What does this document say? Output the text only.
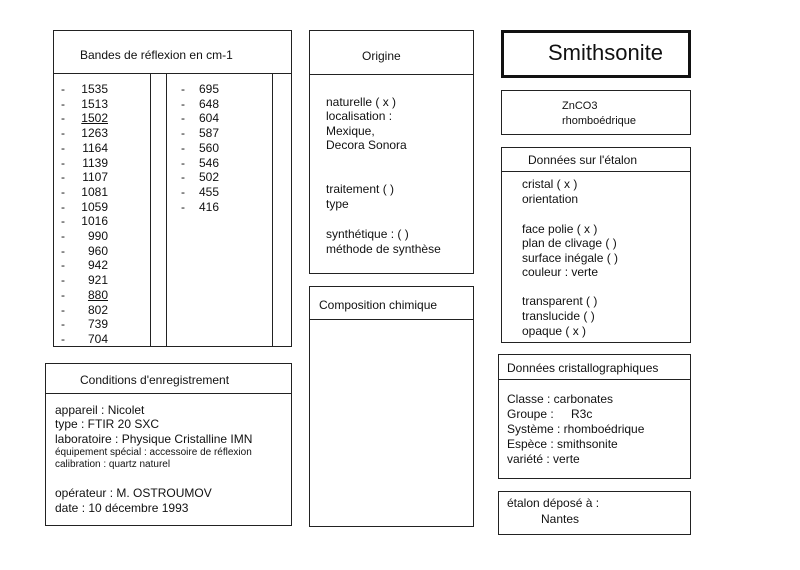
Bandes de réflexion en cm-1
-	1535
-	1513
-	1502
-	1263
-	1164
-	1139
-	1107
-	1081
-	1059
-	1016
-	990
-	960
-	942
-	921
-	880
-	802
-	739
-	704
-	695
-	648
-	604
-	587
-	560
-	546
-	502
-	455
-	416
Conditions d'enregistrement
appareil : Nicolet
type : FTIR 20 SXC
laboratoire : Physique Cristalline IMN
équipement spécial : accessoire de réflexion
calibration : quartz naturel
opérateur : M. OSTROUMOV
date : 10 décembre 1993
Origine
naturelle ( x )
localisation :
Mexique,
Decora Sonora
traitement ( )
type
synthétique : ( )
méthode de synthèse
Composition chimique
Smithsonite
ZnCO3
rhomboédrique
Données sur l'étalon
cristal ( x )
orientation
face polie ( x )
plan de clivage ( )
surface inégale ( )
couleur : verte
transparent ( )
translucide ( )
opaque ( x )
Données cristallographiques
Classe : carbonates
Groupe : R3c
Système : rhomboédrique
Espèce : smithsonite
variété : verte
étalon déposé à :
Nantes
